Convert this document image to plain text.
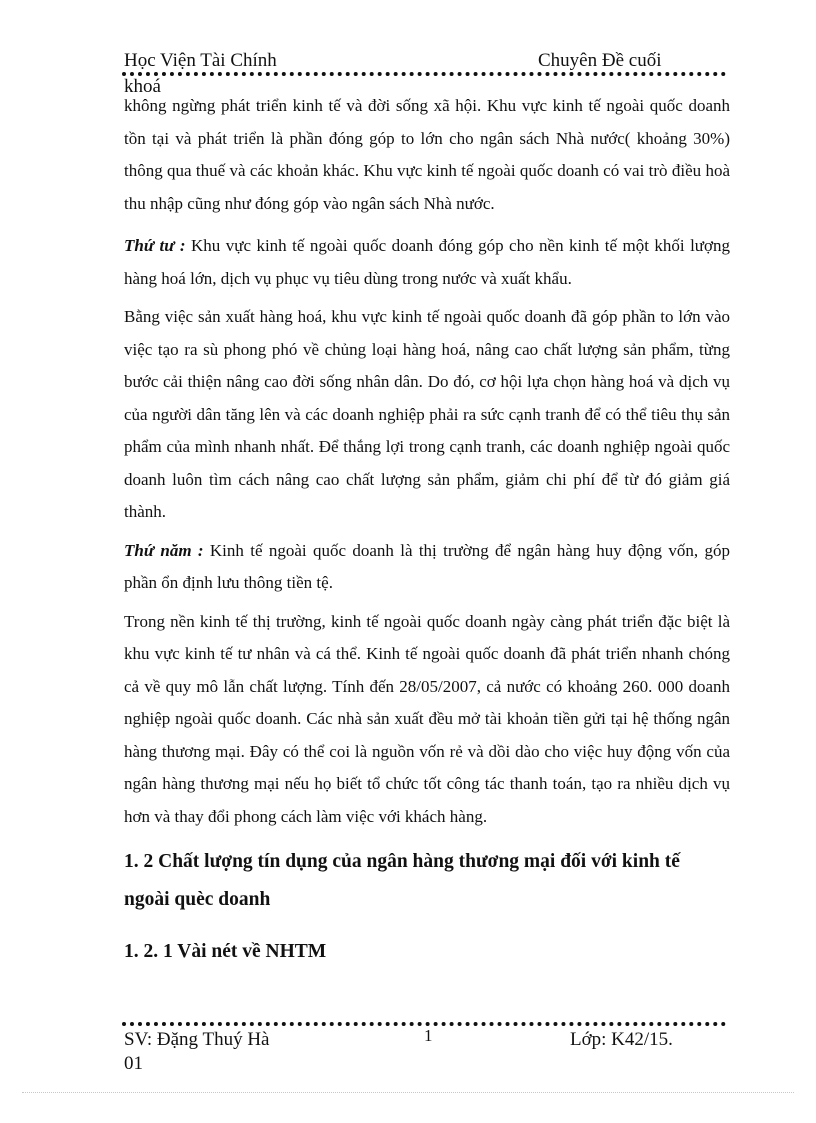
Học Viện Tài Chính	Chuyên Đề cuối
khoá

không ngừng phát triển kinh tế và đời sống xã hội. Khu vực kinh tế ngoài quốc doanh tồn tại và phát triển là phần đóng góp to lớn cho ngân sách Nhà nước( khoảng 30%) thông qua thuế và các khoản khác. Khu vực kinh tế ngoài quốc doanh có vai trò điều hoà thu nhập cũng như đóng góp vào ngân sách Nhà nước.

Thứ tư : Khu vực kinh tế ngoài quốc doanh đóng góp cho nền kinh tế một khối lượng hàng hoá lớn, dịch vụ phục vụ tiêu dùng trong nước và xuất khẩu.

Bằng việc sản xuất hàng hoá, khu vực kinh tế ngoài quốc doanh đã góp phần to lớn vào việc tạo ra sù phong phó về chủng loại hàng hoá, nâng cao chất lượng sản phẩm, từng bước cải thiện nâng cao đời sống nhân dân. Do đó, cơ hội lựa chọn hàng hoá và dịch vụ của người dân tăng lên và các doanh nghiệp phải ra sức cạnh tranh để có thể tiêu thụ sản phẩm của mình nhanh nhất. Để thắng lợi trong cạnh tranh, các doanh nghiệp ngoài quốc doanh luôn tìm cách nâng cao chất lượng sản phẩm, giảm chi phí để từ đó giảm giá thành.

Thứ năm : Kinh tế ngoài quốc doanh là thị trường để ngân hàng huy động vốn, góp phần ổn định lưu thông tiền tệ.

Trong nền kinh tế thị trường, kinh tế ngoài quốc doanh ngày càng phát triển đặc biệt là khu vực kinh tế tư nhân và cá thể. Kinh tế ngoài quốc doanh đã phát triển nhanh chóng cả về quy mô lẫn chất lượng. Tính đến 28/05/2007, cả nước có khoảng 260. 000 doanh nghiệp ngoài quốc doanh. Các nhà sản xuất đều mở tài khoản tiền gửi tại hệ thống ngân hàng thương mại. Đây có thể coi là nguồn vốn rẻ và dồi dào cho việc huy động vốn của ngân hàng thương mại nếu họ biết tổ chức tốt công tác thanh toán, tạo ra nhiều dịch vụ hơn và thay đổi phong cách làm việc với khách hàng.

1. 2 Chất lượng tín dụng của ngân hàng thương mại đối với kinh tế ngoài quèc doanh
1. 2. 1 Vài nét về NHTM
SV: Đặng Thuý Hà	1	Lớp: K42/15.
01
